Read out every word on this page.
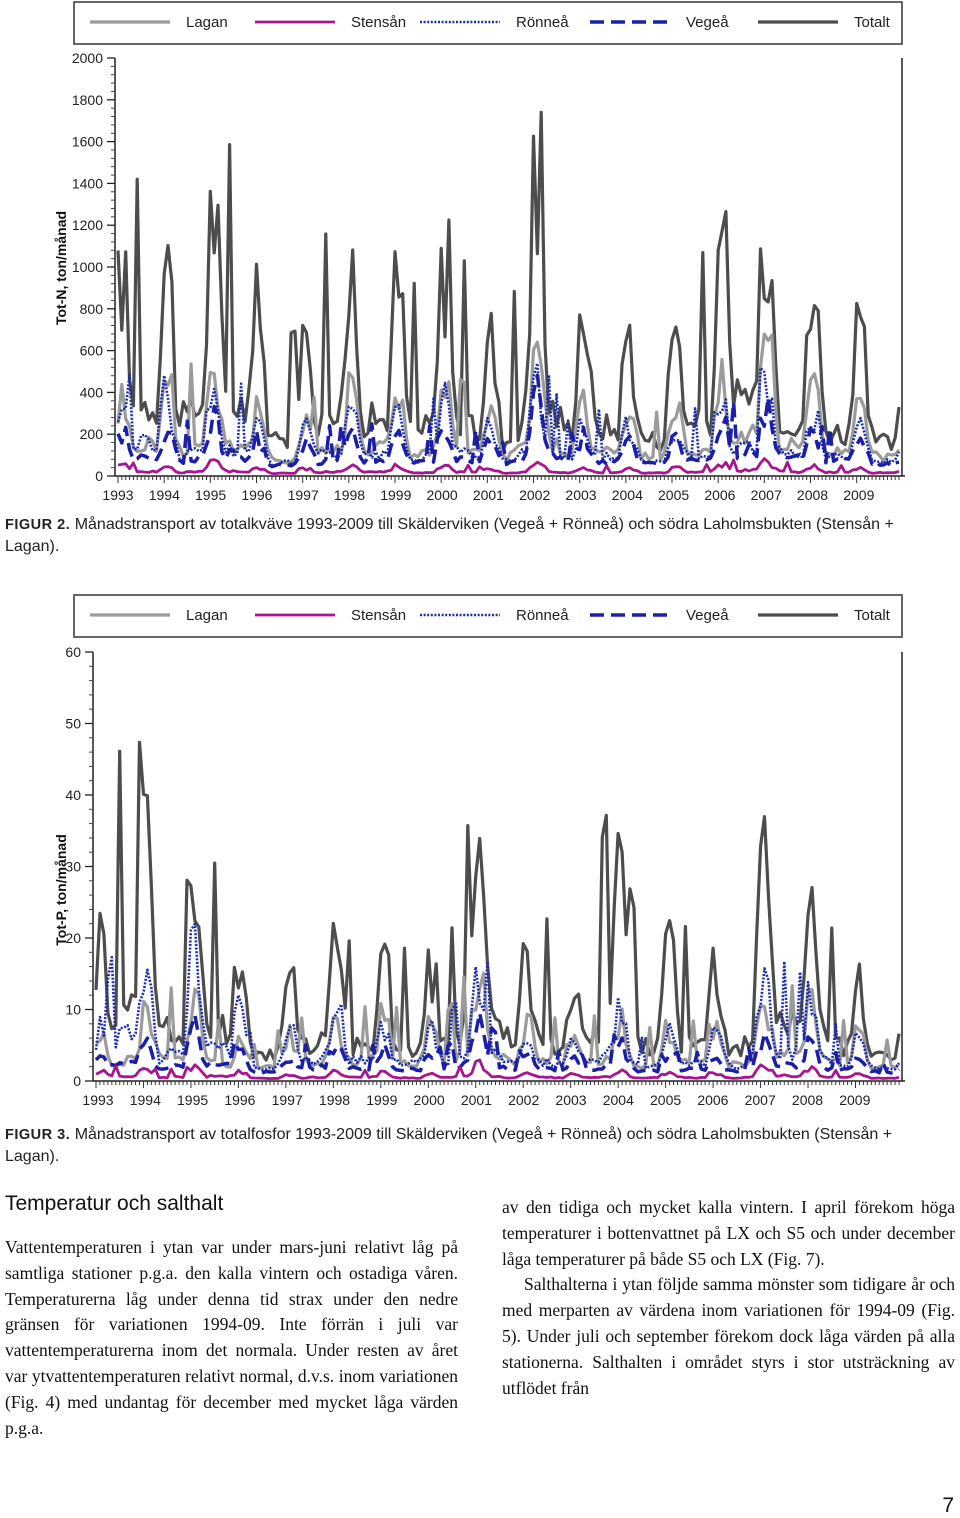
Lagan	Stensån	Rönneå	Vegeå	Totalt
0
200
400
600
800
1000
1200
1400
1600
1800
2000
1993 1994 1995 1996 1997 1998 1999 2000 2001 2002 2003 2004 2005 2006 2007 2008 2009
Tot-N, ton/månad
FIGUR 2. Månadstransport av totalkväve 1993-2009 till Skälderviken (Vegeå + Rönneå) och södra Laholmsbukten (Stensån + Lagan).
Lagan	Stensån	Rönneå	Vegeå	Totalt
0
10
20
30
40
50
60
1993 1994 1995 1996 1997 1998 1999 2000 2001 2002 2003 2004 2005 2006 2007 2008 2009
Tot-P, ton/månad
FIGUR 3. Månadstransport av totalfosfor 1993-2009 till Skälderviken (Vegeå + Rönneå) och södra Laholmsbukten (Stensån + Lagan).
Temperatur och salthalt

Vattentemperaturen i ytan var under mars-juni relativt låg på samtliga stationer p.g.a. den kalla vintern och ostadiga våren. Temperaturerna låg under denna tid strax under den nedre gränsen för variationen 1994-09. Inte förrän i juli var vattentemperaturerna inom det normala. Under resten av året var ytvattentemperaturen relativt normal, d.v.s. inom variationen (Fig. 4) med undantag för december med mycket låga värden p.g.a.

av den tidiga och mycket kalla vintern. I april förekom höga temperaturer i bottenvattnet på LX och S5 och under december låga temperaturer på både S5 och LX (Fig. 7).

Salthalterna i ytan följde samma mönster som tidigare år och med merparten av värdena inom variationen för 1994-09 (Fig. 5). Under juli och september förekom dock låga värden på alla stationerna. Salthalten i området styrs i stor utsträckning av utflödet från

7
